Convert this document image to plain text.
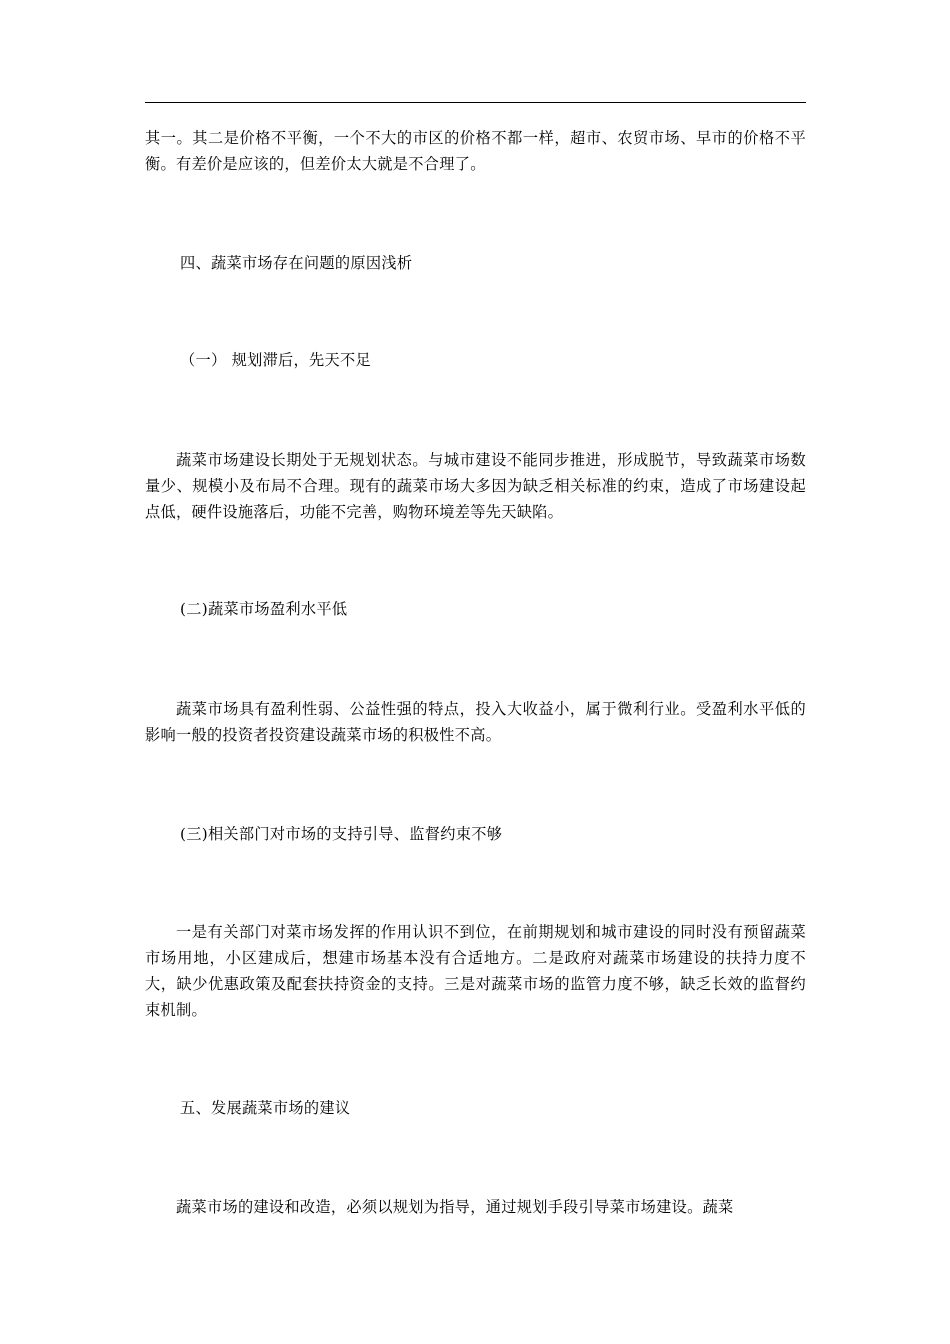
其一。其二是价格不平衡，一个不大的市区的价格不都一样，超市、农贸市场、早市的价格不平衡。有差价是应该的，但差价太大就是不合理了。

四、蔬菜市场存在问题的原因浅析

（一） 规划滞后，先天不足

蔬菜市场建设长期处于无规划状态。与城市建设不能同步推进，形成脱节，导致蔬菜市场数量少、规模小及布局不合理。现有的蔬菜市场大多因为缺乏相关标准的约束，造成了市场建设起点低，硬件设施落后，功能不完善，购物环境差等先天缺陷。

(二)蔬菜市场盈利水平低

蔬菜市场具有盈利性弱、公益性强的特点，投入大收益小，属于微利行业。受盈利水平低的影响一般的投资者投资建设蔬菜市场的积极性不高。

(三)相关部门对市场的支持引导、监督约束不够

一是有关部门对菜市场发挥的作用认识不到位，在前期规划和城市建设的同时没有预留蔬菜市场用地，小区建成后，想建市场基本没有合适地方。二是政府对蔬菜市场建设的扶持力度不大，缺少优惠政策及配套扶持资金的支持。三是对蔬菜市场的监管力度不够，缺乏长效的监督约束机制。

五、发展蔬菜市场的建议

蔬菜市场的建设和改造，必须以规划为指导，通过规划手段引导菜市场建设。蔬菜
